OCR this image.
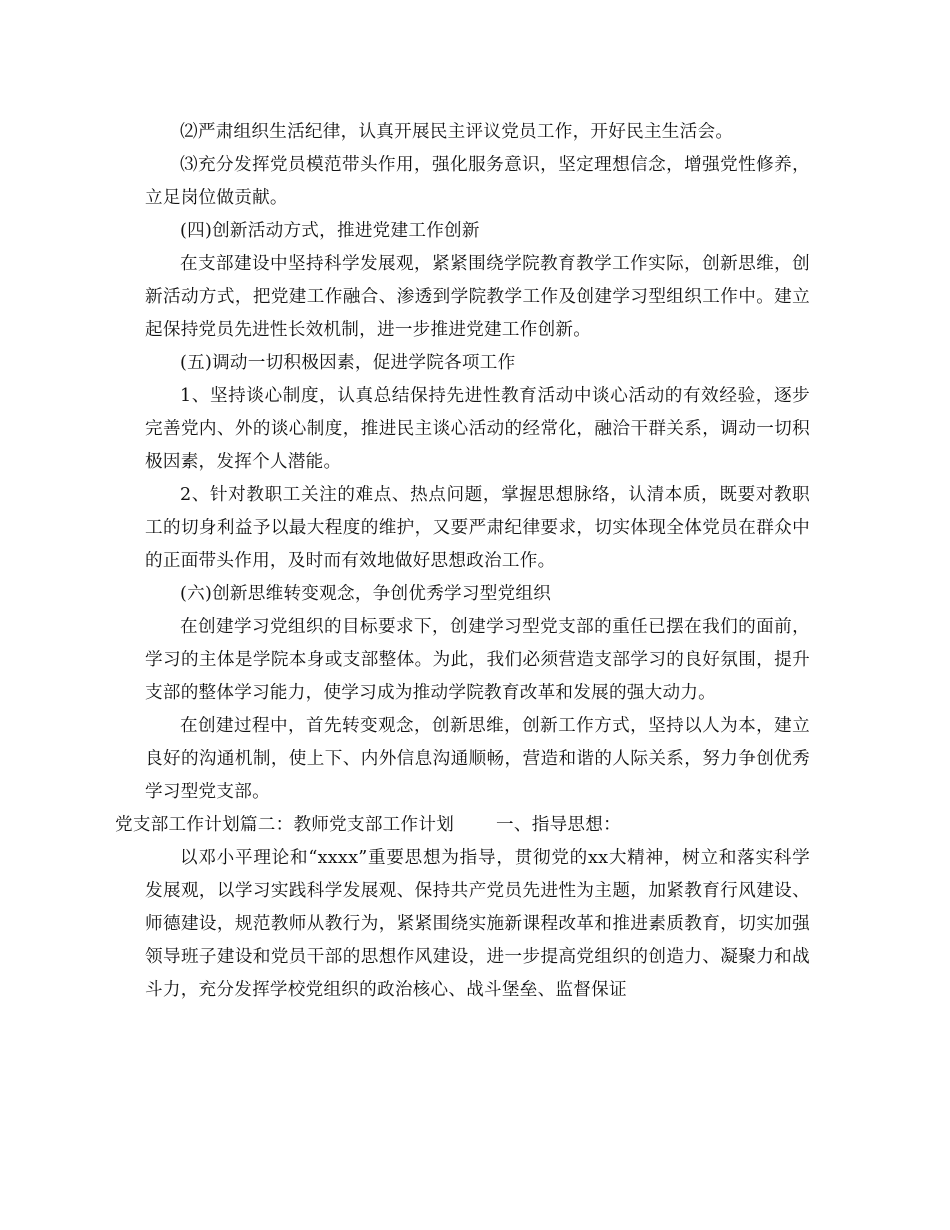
⑵严肃组织生活纪律，认真开展民主评议党员工作，开好民主生活会。

⑶充分发挥党员模范带头作用，强化服务意识，坚定理想信念，增强党性修养，立足岗位做贡献。

(四)创新活动方式，推进党建工作创新

在支部建设中坚持科学发展观，紧紧围绕学院教育教学工作实际，创新思维，创新活动方式，把党建工作融合、渗透到学院教学工作及创建学习型组织工作中。建立起保持党员先进性长效机制，进一步推进党建工作创新。

(五)调动一切积极因素，促进学院各项工作

1、坚持谈心制度，认真总结保持先进性教育活动中谈心活动的有效经验，逐步完善党内、外的谈心制度，推进民主谈心活动的经常化，融洽干群关系，调动一切积极因素，发挥个人潜能。

2、针对教职工关注的难点、热点问题，掌握思想脉络，认清本质，既要对教职工的切身利益予以最大程度的维护，又要严肃纪律要求，切实体现全体党员在群众中的正面带头作用，及时而有效地做好思想政治工作。

(六)创新思维转变观念，争创优秀学习型党组织

在创建学习党组织的目标要求下，创建学习型党支部的重任已摆在我们的面前，学习的主体是学院本身或支部整体。为此，我们必须营造支部学习的良好氛围，提升支部的整体学习能力，使学习成为推动学院教育改革和发展的强大动力。

在创建过程中，首先转变观念，创新思维，创新工作方式，坚持以人为本，建立良好的沟通机制，使上下、内外信息沟通顺畅，营造和谐的人际关系，努力争创优秀学习型党支部。

党支部工作计划篇二：教师党支部工作计划 一、指导思想：

以邓小平理论和“xxxx”重要思想为指导，贯彻党的xx大精神，树立和落实科学发展观，以学习实践科学发展观、保持共产党员先进性为主题，加紧教育行风建设、师德建设，规范教师从教行为，紧紧围绕实施新课程改革和推进素质教育，切实加强领导班子建设和党员干部的思想作风建设，进一步提高党组织的创造力、凝聚力和战斗力，充分发挥学校党组织的政治核心、战斗堡垒、监督保证
